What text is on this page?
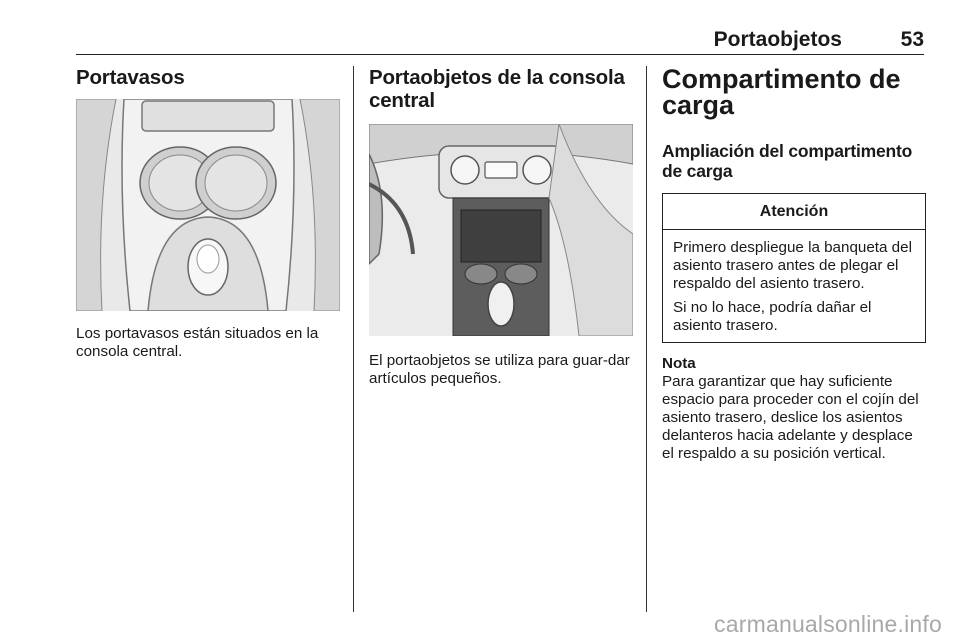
Portaobjetos	53
Portavasos

Los portavasos están situados en la consola central.

Portaobjetos de la consola central

El portaobjetos se utiliza para guar-dar artículos pequeños.

Compartimento de carga
Ampliación del compartimento de carga
Atención

Primero despliegue la banqueta del asiento trasero antes de plegar el respaldo del asiento trasero.

Si no lo hace, podría dañar el asiento trasero.

Nota

Para garantizar que hay suficiente espacio para proceder con el cojín del asiento trasero, deslice los asientos delanteros hacia adelante y desplace el respaldo a su posición vertical.

carmanualsonline.info
